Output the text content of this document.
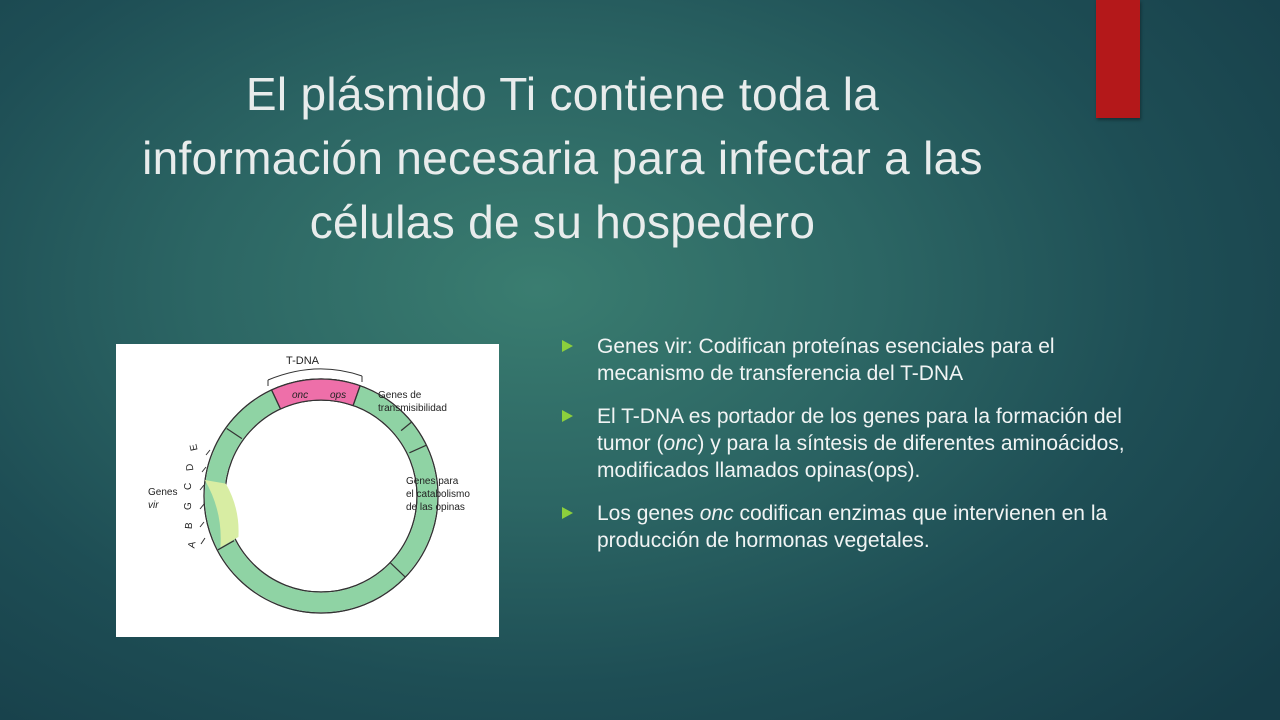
El plásmido Ti contiene toda la información necesaria para infectar a las células de su hospedero
T-DNA
onc ops	Genes de transmisibilidad
Genes para el catabolismo de las opinas
Genes vir
A
B
G
C
D
E
Genes vir: Codifican proteínas esenciales para el mecanismo de transferencia del T-DNA
El T-DNA es portador de los genes para la formación del tumor (onc) y para la síntesis de diferentes aminoácidos, modificados llamados opinas(ops).
Los genes onc codifican enzimas que intervienen en la producción de hormonas vegetales.
